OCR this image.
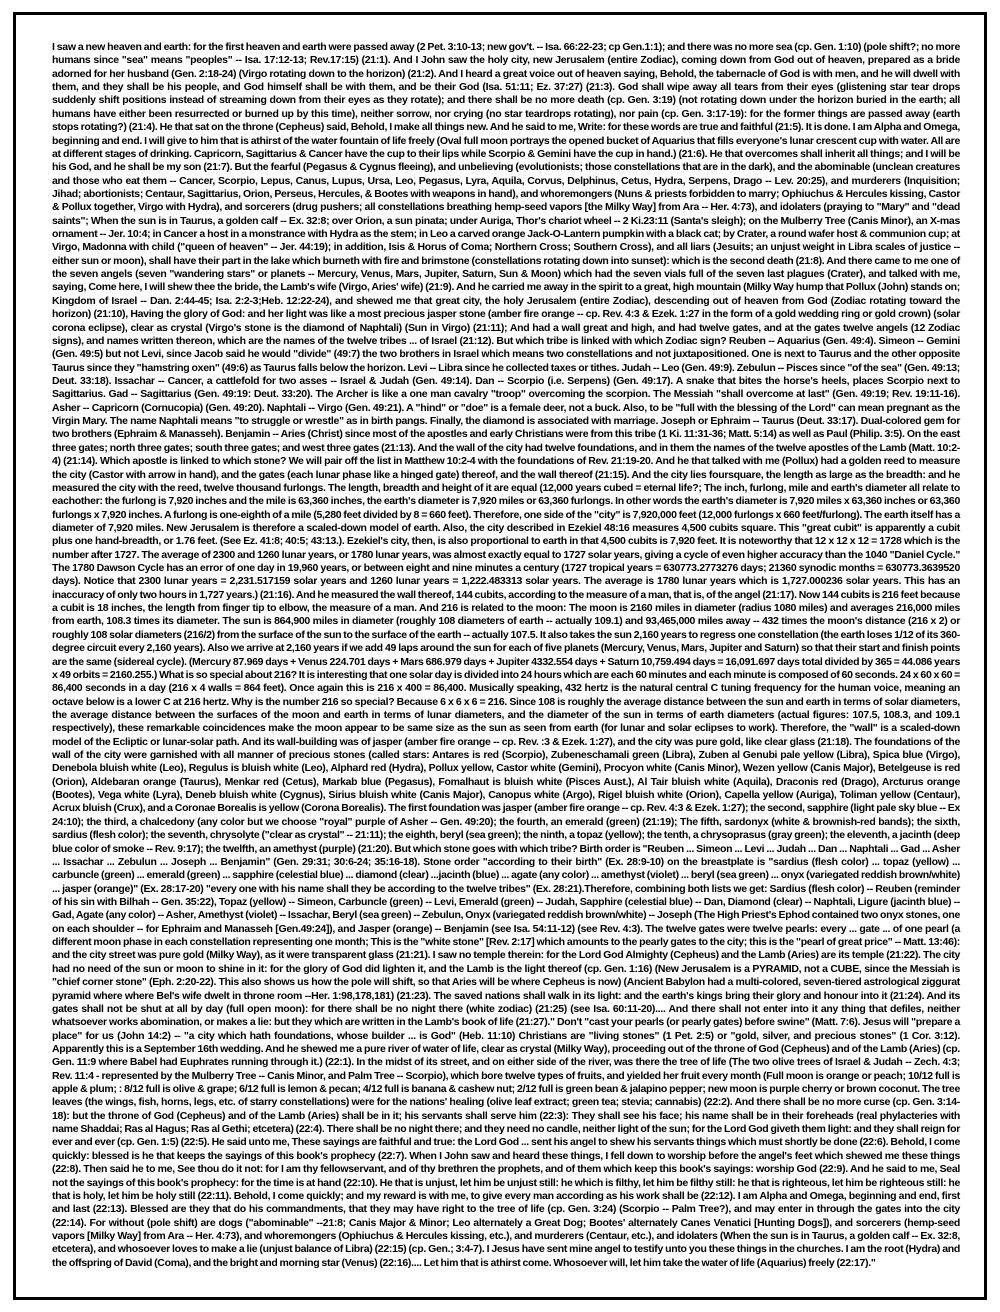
I saw a new heaven and earth: for the first heaven and earth were passed away (2 Pet. 3:10-13; new gov't. -- Isa. 66:22-23; cp Gen.1:1); and there was no more sea (cp. Gen. 1:10) (pole shift?; no more humans since "sea" means "peoples" -- Isa. 17:12-13; Rev.17:15) (21:1). And I John saw the holy city, new Jerusalem (entire Zodiac), coming down from God out of heaven, prepared as a bride adorned for her husband (Gen. 2:18-24) (Virgo rotating down to the horizon) (21:2). And I heard a great voice out of heaven saying, Behold, the tabernacle of God is with men, and he will dwell with them, and they shall be his people, and God himself shall be with them, and be their God (Isa. 51:11; Ez. 37:27) (21:3). God shall wipe away all tears from their eyes (glistening star tear drops suddenly shift positions instead of streaming down from their eyes as they rotate); and there shall be no more death (cp. Gen. 3:19) (not rotating down under the horizon buried in the earth; all humans have either been resurrected or burned up by this time), neither sorrow, nor crying (no star teardrops rotating), nor pain (cp. Gen. 3:17-19): for the former things are passed away (earth stops rotating?) (21:4). He that sat on the throne (Cepheus) said, Behold, I make all things new. And he said to me, Write: for these words are true and faithful (21:5). It is done. I am Alpha and Omega, beginning and end. I will give to him that is athirst of the water fountain of life freely (Oval full moon portrays the opened bucket of Aquarius that fills everyone's lunar crescent cup with water. All are at different stages of drinking. Capricorn, Sagittarius & Cancer have the cup to their lips while Scorpio & Gemini have the cup in hand.) (21:6). He that overcomes shall inherit all things; and I will be his God, and he shall be my son (21:7). But the fearful (Pegasus & Cygnus fleeing), and unbelieving (evolutionists; those constellations that are in the dark), and the abominable (unclean creatures and those who eat them -- Cancer, Scorpio, Lepus, Canus, Lupus, Ursa, Leo, Pegasus, Lyra, Aquila, Corvus, Delphinus, Cetus, Hydra, Serpens, Drago -- Lev. 20:25), and murderers (Inquisition; Jihad; abortionists; Centaur, Sagittarius, Orion, Perseus, Hercules, & Bootes with weapons in hand), and whoremongers (Nuns & priests forbidden to marry; Ophiuchus & Hercules kissing, Castor & Pollux together, Virgo with Hydra), and sorcerers (drug pushers; all constellations breathing hemp-seed vapors [the Milky Way] from Ara -- Her. 4:73), and idolaters (praying to "Mary" and "dead saints"; When the sun is in Taurus, a golden calf -- Ex. 32:8; over Orion, a sun pinata; under Auriga, Thor's chariot wheel -- 2 Ki.23:11 (Santa's sleigh); on the Mulberry Tree (Canis Minor), an X-mas ornament -- Jer. 10:4; in Cancer a host in a monstrance with Hydra as the stem; in Leo a carved orange Jack-O-Lantern pumpkin with a black cat; by Crater, a round wafer host & communion cup; at Virgo, Madonna with child ("queen of heaven" -- Jer. 44:19); in addition, Isis & Horus of Coma; Northern Cross; Southern Cross), and all liars (Jesuits; an unjust weight in Libra scales of justice -- either sun or moon), shall have their part in the lake which burneth with fire and brimstone (constellations rotating down into sunset): which is the second death (21:8). And there came to me one of the seven angels (seven "wandering stars" or planets -- Mercury, Venus, Mars, Jupiter, Saturn, Sun & Moon) which had the seven vials full of the seven last plagues (Crater), and talked with me, saying, Come here, I will shew thee the bride, the Lamb's wife (Virgo, Aries' wife) (21:9). And he carried me away in the spirit to a great, high mountain (Milky Way hump that Pollux (John) stands on; Kingdom of Israel -- Dan. 2:44-45; Isa. 2:2-3;Heb. 12:22-24), and shewed me that great city, the holy Jerusalem (entire Zodiac), descending out of heaven from God (Zodiac rotating toward the horizon) (21:10), Having the glory of God: and her light was like a most precious jasper stone (amber fire orange -- cp. Rev. 4:3 & Ezek. 1:27 in the form of a gold wedding ring or gold crown) (solar corona eclipse), clear as crystal (Virgo's stone is the diamond of Naphtali) (Sun in Virgo) (21:11); And had a wall great and high, and had twelve gates, and at the gates twelve angels (12 Zodiac signs), and names written thereon, which are the names of the twelve tribes ... of Israel (21:12). But which tribe is linked with which Zodiac sign? Reuben -- Aquarius (Gen. 49:4). Simeon -- Gemini (Gen. 49:5) but not Levi, since Jacob said he would "divide" (49:7) the two brothers in Israel which means two constellations and not juxtapositioned. One is next to Taurus and the other opposite Taurus since they "hamstring oxen" (49:6) as Taurus falls below the horizon. Levi -- Libra since he collected taxes or tithes. Judah -- Leo (Gen. 49:9). Zebulun -- Pisces since "of the sea" (Gen. 49:13; Deut. 33:18). Issachar -- Cancer, a cattlefold for two asses -- Israel & Judah (Gen. 49:14). Dan -- Scorpio (i.e. Serpens) (Gen. 49:17). A snake that bites the horse's heels, places Scorpio next to Sagittarius. Gad -- Sagittarius (Gen. 49:19: Deut. 33:20). The Archer is like a one man cavalry "troop" overcoming the scorpion. The Messiah "shall overcome at last" (Gen. 49:19; Rev. 19:11-16). Asher -- Capricorn (Cornucopia) (Gen. 49:20). Naphtali -- Virgo (Gen. 49:21). A "hind" or "doe" is a female deer, not a buck. Also, to be "full with the blessing of the Lord" can mean pregnant as the Virgin Mary. The name Naphtali means "to struggle or wrestle" as in birth pangs. Finally, the diamond is associated with marriage. Joseph or Ephraim -- Taurus (Deut. 33:17). Dual-colored gem for two brothers (Ephraim & Manasseh). Benjamin -- Aries (Christ) since most of the apostles and early Christians were from this tribe (1 Ki. 11:31-36; Matt. 5:14) as well as Paul (Philip. 3:5). On the east three gates; north three gates; south three gates; and west three gates (21:13). And the wall of the city had twelve foundations, and in them the names of the twelve apostles of the Lamb (Matt. 10:2-4) (21:14). Which apostle is linked to which stone? We will pair off the list in Matthew 10:2-4 with the foundations of Rev. 21:19-20. And he that talked with me (Pollux) had a golden reed to measure the city (Castor with arrow in hand), and the gates (each lunar phase like a hinged gate) thereof, and the wall thereof (21:15). And the city lies foursquare, the length as large as the breadth: and he measured the city with the reed, twelve thousand furlongs. The length, breadth and height of it are equal (12,000 years cubed = eternal life?; The inch, furlong, mile and earth's diameter all relate to eachother: the furlong is 7,920 inches and the mile is 63,360 inches, the earth's diameter is 7,920 miles or 63,360 furlongs. In other words the earth's diameter is 7,920 miles x 63,360 inches or 63,360 furlongs x 7,920 inches. A furlong is one-eighth of a mile (5,280 feet divided by 8 = 660 feet). Therefore, one side of the "city" is 7,920,000 feet (12,000 furlongs x 660 feet/furlong). The earth itself has a diameter of 7,920 miles. New Jerusalem is therefore a scaled-down model of earth. Also, the city described in Ezekiel 48:16 measures 4,500 cubits square. This "great cubit" is apparently a cubit plus one hand-breadth, or 1.76 feet. (See Ez. 41:8; 40:5; 43:13.). Ezekiel's city, then, is also proportional to earth in that 4,500 cubits is 7,920 feet. It is noteworthy that 12 x 12 x 12 = 1728 which is the number after 1727. The average of 2300 and 1260 lunar years, or 1780 lunar years, was almost exactly equal to 1727 solar years, giving a cycle of even higher accuracy than the 1040 "Daniel Cycle." The 1780 Dawson Cycle has an error of one day in 19,960 years, or between eight and nine minutes a century (1727 tropical years = 630773.2773276 days; 21360 synodic months = 630773.3639520 days). Notice that 2300 lunar years = 2,231.517159 solar years and 1260 lunar years = 1,222.483313 solar years. The average is 1780 lunar years which is 1,727.000236 solar years. This has an inaccuracy of only two hours in 1,727 years.) (21:16). And he measured the wall thereof, 144 cubits, according to the measure of a man, that is, of the angel (21:17). Now 144 cubits is 216 feet because a cubit is 18 inches, the length from finger tip to elbow, the measure of a man. And 216 is related to the moon: The moon is 2160 miles in diameter (radius 1080 miles) and averages 216,000 miles from earth, 108.3 times its diameter. The sun is 864,900 miles in diameter (roughly 108 diameters of earth -- actually 109.1) and 93,465,000 miles away -- 432 times the moon's distance (216 x 2) or roughly 108 solar diameters (216/2) from the surface of the sun to the surface of the earth -- actually 107.5. It also takes the sun 2,160 years to regress one constellation (the earth loses 1/12 of its 360-degree circuit every 2,160 years). Also we arrive at 2,160 years if we add 49 laps around the sun for each of five planets (Mercury, Venus, Mars, Jupiter and Saturn) so that their start and finish points are the same (sidereal cycle). (Mercury 87.969 days + Venus 224.701 days + Mars 686.979 days + Jupiter 4332.554 days + Saturn 10,759.494 days = 16,091.697 days total divided by 365 = 44.086 years x 49 orbits = 2160.255.) What is so special about 216? It is interesting that one solar day is divided into 24 hours which are each 60 minutes and each minute is composed of 60 seconds. 24 x 60 x 60 = 86,400 seconds in a day (216 x 4 walls = 864 feet). Once again this is 216 x 400 = 86,400. Musically speaking, 432 hertz is the natural central C tuning frequency for the human voice, meaning an octave below is a lower C at 216 hertz. Why is the number 216 so special? Because 6 x 6 x 6 = 216. Since 108 is roughly the average distance between the sun and earth in terms of solar diameters, the average distance between the surfaces of the moon and earth in terms of lunar diameters, and the diameter of the sun in terms of earth diameters (actual figures: 107.5, 108.3, and 109.1 respectively), these remarkable coincidences make the moon appear to be same size as the sun as seen from earth (for lunar and solar eclipses to work). Therefore, the "wall" is a scaled-down model of the Ecliptic or lunar-solar path. And its wall-building was of jasper (amber fire orange -- cp. Rev. :3 & Ezek. 1:27), and the city was pure gold, like clear glass (21:18). The foundations of the wall of the city were garnished with all manner of precious stones (called stars: Antares is red (Scorpio), Zubeneschamali green (Libra), Zuben al Genubi pale yellow (Libra), Spica blue (Virgo), Denebola bluish white (Leo), Regulus is bluish white (Leo), Alphard red (Hydra), Pollux yellow, Castor white (Gemini), Procyon white (Canis Minor), Wezen yellow (Canis Major), Betelgeuse is red (Orion), Aldebaran orange (Taurus), Menkar red (Cetus), Markab blue (Pegasus), Fomalhaut is bluish white (Pisces Aust.), Al Tair bluish white (Aquila), Draconis red (Drago), Arcturus orange (Bootes), Vega white (Lyra), Deneb bluish white (Cygnus), Sirius bluish white (Canis Major), Canopus white (Argo), Rigel bluish white (Orion), Capella yellow (Auriga), Toliman yellow (Centaur), Acrux bluish (Crux), and a Coronae Borealis is yellow (Corona Borealis). The first foundation was jasper (amber fire orange -- cp. Rev. 4:3 & Ezek. 1:27); the second, sapphire (light pale sky blue -- Ex 24:10); the third, a chalcedony (any color but we choose "royal" purple of Asher -- Gen. 49:20); the fourth, an emerald (green) (21:19); The fifth, sardonyx (white & brownish-red bands); the sixth, sardius (flesh color); the seventh, chrysolyte ("clear as crystal" -- 21:11); the eighth, beryl (sea green); the ninth, a topaz (yellow); the tenth, a chrysoprasus (gray green); the eleventh, a jacinth (deep blue color of smoke -- Rev. 9:17); the twelfth, an amethyst (purple) (21:20). But which stone goes with which tribe? Birth order is "Reuben ... Simeon ... Levi ... Judah ... Dan ... Naphtali ... Gad ... Asher ... Issachar ... Zebulun ... Joseph ... Benjamin" (Gen. 29:31; 30:6-24; 35:16-18). Stone order "according to their birth" (Ex. 28:9-10) on the breastplate is "sardius (flesh color) ... topaz (yellow) ... carbuncle (green) ... emerald (green) ... sapphire (celestial blue) ... diamond (clear) ...jacinth (blue) ... agate (any color) ... amethyst (violet) ... beryl (sea green) ... onyx (variegated reddish brown/white) ... jasper (orange)" (Ex. 28:17-20) "every one with his name shall they be according to the twelve tribes" (Ex. 28:21).Therefore, combining both lists we get: Sardius (flesh color) -- Reuben (reminder of his sin with Bilhah -- Gen. 35:22), Topaz (yellow) -- Simeon, Carbuncle (green) -- Levi, Emerald (green) -- Judah, Sapphire (celestial blue) -- Dan, Diamond (clear) -- Naphtali, Ligure (jacinth blue) -- Gad, Agate (any color) -- Asher, Amethyst (violet) -- Issachar, Beryl (sea green) -- Zebulun, Onyx (variegated reddish brown/white) -- Joseph (The High Priest's Ephod contained two onyx stones, one on each shoulder -- for Ephraim and Manasseh [Gen.49:24]), and Jasper (orange) -- Benjamin (see Isa. 54:11-12) (see Rev. 4:3). The twelve gates were twelve pearls: every ... gate ... of one pearl (a different moon phase in each constellation representing one month; This is the "white stone" [Rev. 2:17] which amounts to the pearly gates to the city; this is the "pearl of great price" -- Matt. 13:46): and the city street was pure gold (Milky Way), as it were transparent glass (21:21). I saw no temple therein: for the Lord God Almighty (Cepheus) and the Lamb (Aries) are its temple (21:22). The city had no need of the sun or moon to shine in it: for the glory of God did lighten it, and the Lamb is the light thereof (cp. Gen. 1:16) (New Jerusalem is a PYRAMID, not a CUBE, since the Messiah is "chief corner stone" (Eph. 2:20-22). This also shows us how the pole will shift, so that Aries will be where Cepheus is now) (Ancient Babylon had a multi-colored, seven-tiered astrological ziggurat pyramid where where Bel's wife dwelt in throne room --Her. 1:98,178,181) (21:23). The saved nations shall walk in its light: and the earth's kings bring their glory and honour into it (21:24). And its gates shall not be shut at all by day (full open moon): for there shall be no night there (white zodiac) (21:25) (see Isa. 60:11-20).... And there shall not enter into it any thing that defiles, neither whatsoever works abomination, or makes a lie: but they which are written in the Lamb's book of life (21:27)." Don't "cast your pearls (or pearly gates) before swine" (Matt. 7:6). Jesus will "prepare a place" for us (John 14:2) -- "a city which hath foundations, whose builder ... is God" (Heb. 11:10) Christians are "living stones" (1 Pet. 2:5) or "gold, silver, and precious stones" (1 Cor. 3:12). Apparently this is a September 16th wedding. And he shewed me a pure river of water of life, clear as crystal (Milky Way), proceeding out of the throne of God (Cepheus) and of the Lamb (Aries) (cp. Gen. 11:9 where Babel had Euphrates running through it.) (22:1). In the midst of its street, and on either side of the river, was there the tree of life (The two olive trees of Israel & Judah -- Zech. 4:3; Rev. 11:4 - represented by the Mulberry Tree -- Canis Minor, and Palm Tree -- Scorpio), which bore twelve types of fruits, and yielded her fruit every month (Full moon is orange or peach; 10/12 full is apple & plum; : 8/12 full is olive & grape; 6/12 full is lemon & pecan; 4/12 full is banana & cashew nut; 2/12 full is green bean & jalapino pepper; new moon is purple cherry or brown coconut. The tree leaves (the wings, fish, horns, legs, etc. of starry constellations) were for the nations' healing (olive leaf extract; green tea; stevia; cannabis) (22:2). And there shall be no more curse (cp. Gen. 3:14-18): but the throne of God (Cepheus) and of the Lamb (Aries) shall be in it; his servants shall serve him (22:3): They shall see his face; his name shall be in their foreheads (real phylacteries with name Shaddai; Ras al Hagus; Ras al Gethi; etcetera) (22:4). There shall be no night there; and they need no candle, neither light of the sun; for the Lord God giveth them light: and they shall reign for ever and ever (cp. Gen. 1:5) (22:5). He said unto me, These sayings are faithful and true: the Lord God ... sent his angel to shew his servants things which must shortly be done (22:6). Behold, I come quickly: blessed is he that keeps the sayings of this book's prophecy (22:7). When I John saw and heard these things, I fell down to worship before the angel's feet which shewed me these things (22:8). Then said he to me, See thou do it not: for I am thy fellowservant, and of thy brethren the prophets, and of them which keep this book's sayings: worship God (22:9). And he said to me, Seal not the sayings of this book's prophecy: for the time is at hand (22:10). He that is unjust, let him be unjust still: he which is filthy, let him be filthy still: he that is righteous, let him be righteous still: he that is holy, let him be holy still (22:11). Behold, I come quickly; and my reward is with me, to give every man according as his work shall be (22:12). I am Alpha and Omega, beginning and end, first and last (22:13). Blessed are they that do his commandments, that they may have right to the tree of life (cp. Gen. 3:24) (Scorpio -- Palm Tree?), and may enter in through the gates into the city (22:14). For without (pole shift) are dogs ("abominable" --21:8; Canis Major & Minor; Leo alternately a Great Dog; Bootes' alternately Canes Venatici [Hunting Dogs]), and sorcerers (hemp-seed vapors [Milky Way] from Ara -- Her. 4:73), and whoremongers (Ophiuchus & Hercules kissing, etc.), and murderers (Centaur, etc.), and idolaters (When the sun is in Taurus, a golden calf -- Ex. 32:8, etcetera), and whosoever loves to make a lie (unjust balance of Libra) (22:15) (cp. Gen.; 3:4-7). I Jesus have sent mine angel to testify unto you these things in the churches. I am the root (Hydra) and the offspring of David (Coma), and the bright and morning star (Venus) (22:16).... Let him that is athirst come. Whosoever will, let him take the water of life (Aquarius) freely (22:17)."
